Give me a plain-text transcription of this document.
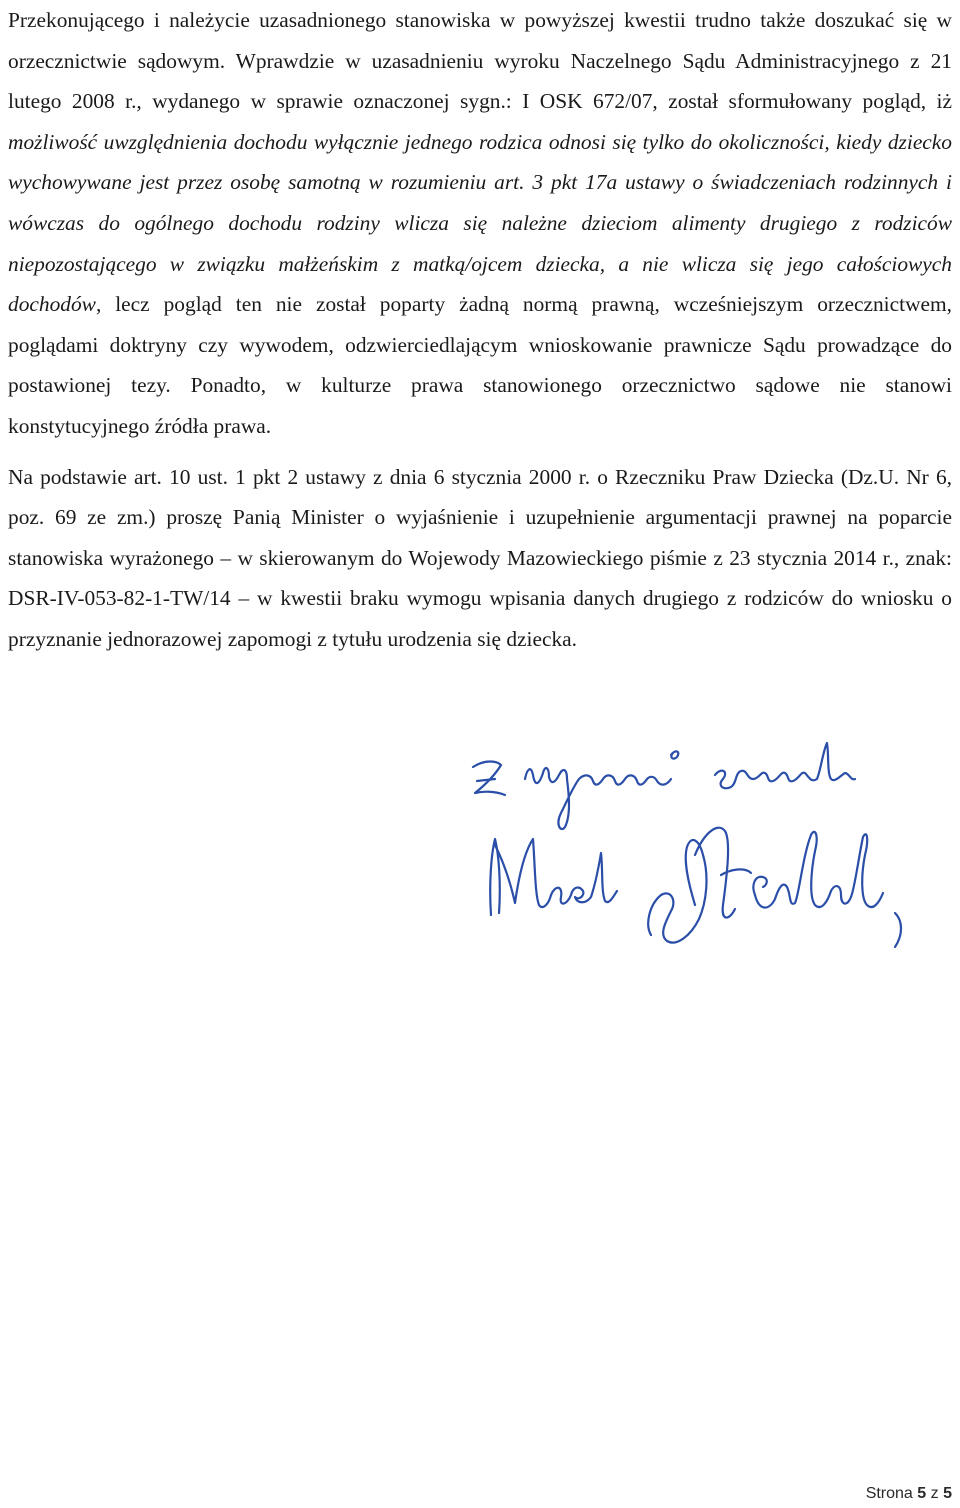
Przekonującego i należycie uzasadnionego stanowiska w powyższej kwestii trudno także doszukać się w orzecznictwie sądowym. Wprawdzie w uzasadnieniu wyroku Naczelnego Sądu Administracyjnego z 21 lutego 2008 r., wydanego w sprawie oznaczonej sygn.: I OSK 672/07, został sformułowany pogląd, iż możliwość uwzględnienia dochodu wyłącznie jednego rodzica odnosi się tylko do okoliczności, kiedy dziecko wychowywane jest przez osobę samotną w rozumieniu art. 3 pkt 17a ustawy o świadczeniach rodzinnych i wówczas do ogólnego dochodu rodziny wlicza się należne dzieciom alimenty drugiego z rodziców niepozostającego w związku małżeńskim z matką/ojcem dziecka, a nie wlicza się jego całościowych dochodów, lecz pogląd ten nie został poparty żadną normą prawną, wcześniejszym orzecznictwem, poglądami doktryny czy wywodem, odzwierciedlającym wnioskowanie prawnicze Sądu prowadzące do postawionej tezy. Ponadto, w kulturze prawa stanowionego orzecznictwo sądowe nie stanowi konstytucyjnego źródła prawa.

Na podstawie art. 10 ust. 1 pkt 2 ustawy z dnia 6 stycznia 2000 r. o Rzeczniku Praw Dziecka (Dz.U. Nr 6, poz. 69 ze zm.) proszę Panią Minister o wyjaśnienie i uzupełnienie argumentacji prawnej na poparcie stanowiska wyrażonego – w skierowanym do Wojewody Mazowieckiego piśmie z 23 stycznia 2014 r., znak: DSR-IV-053-82-1-TW/14 – w kwestii braku wymogu wpisania danych drugiego z rodziców do wniosku o przyznanie jednorazowej zapomogi z tytułu urodzenia się dziecka.

Strona 5 z 5
